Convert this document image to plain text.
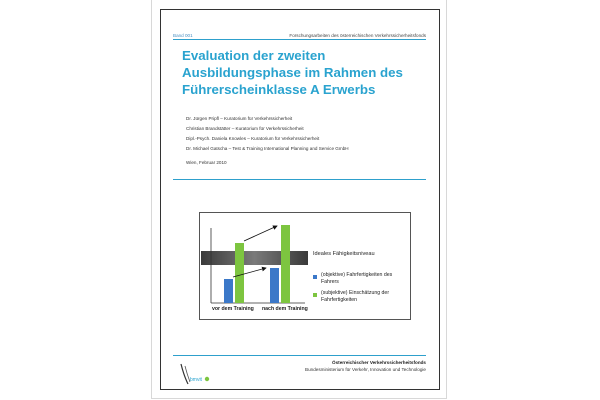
Band 001	Forschungsarbeiten des österreichischen Verkehrssicherheitsfonds
Evaluation der zweiten Ausbildungsphase im Rahmen des Führerscheinklasse A Erwerbs
Dr. Jürgen Pripfl – Kuratorium für Verkehrssicherheit
Christian Brandstätter – Kuratorium für Verkehrssicherheit
Dipl.-Psych. Daniela Knowles – Kuratorium für Verkehrssicherheit
Dr. Michael Gatscha – Test & Training International Planning and Service GmbH
Wien, Februar 2010
Ideales Fähigkeitsniveau
(objektive) Fahrfertigkeiten des Fahrers
(subjektive) Einschätzung der Fahrfertigkeiten
vor dem Training nach dem Training
bmvit
Österreichischer Verkehrssicherheitsfonds
Bundesministerium für Verkehr, Innovation und Technologie
